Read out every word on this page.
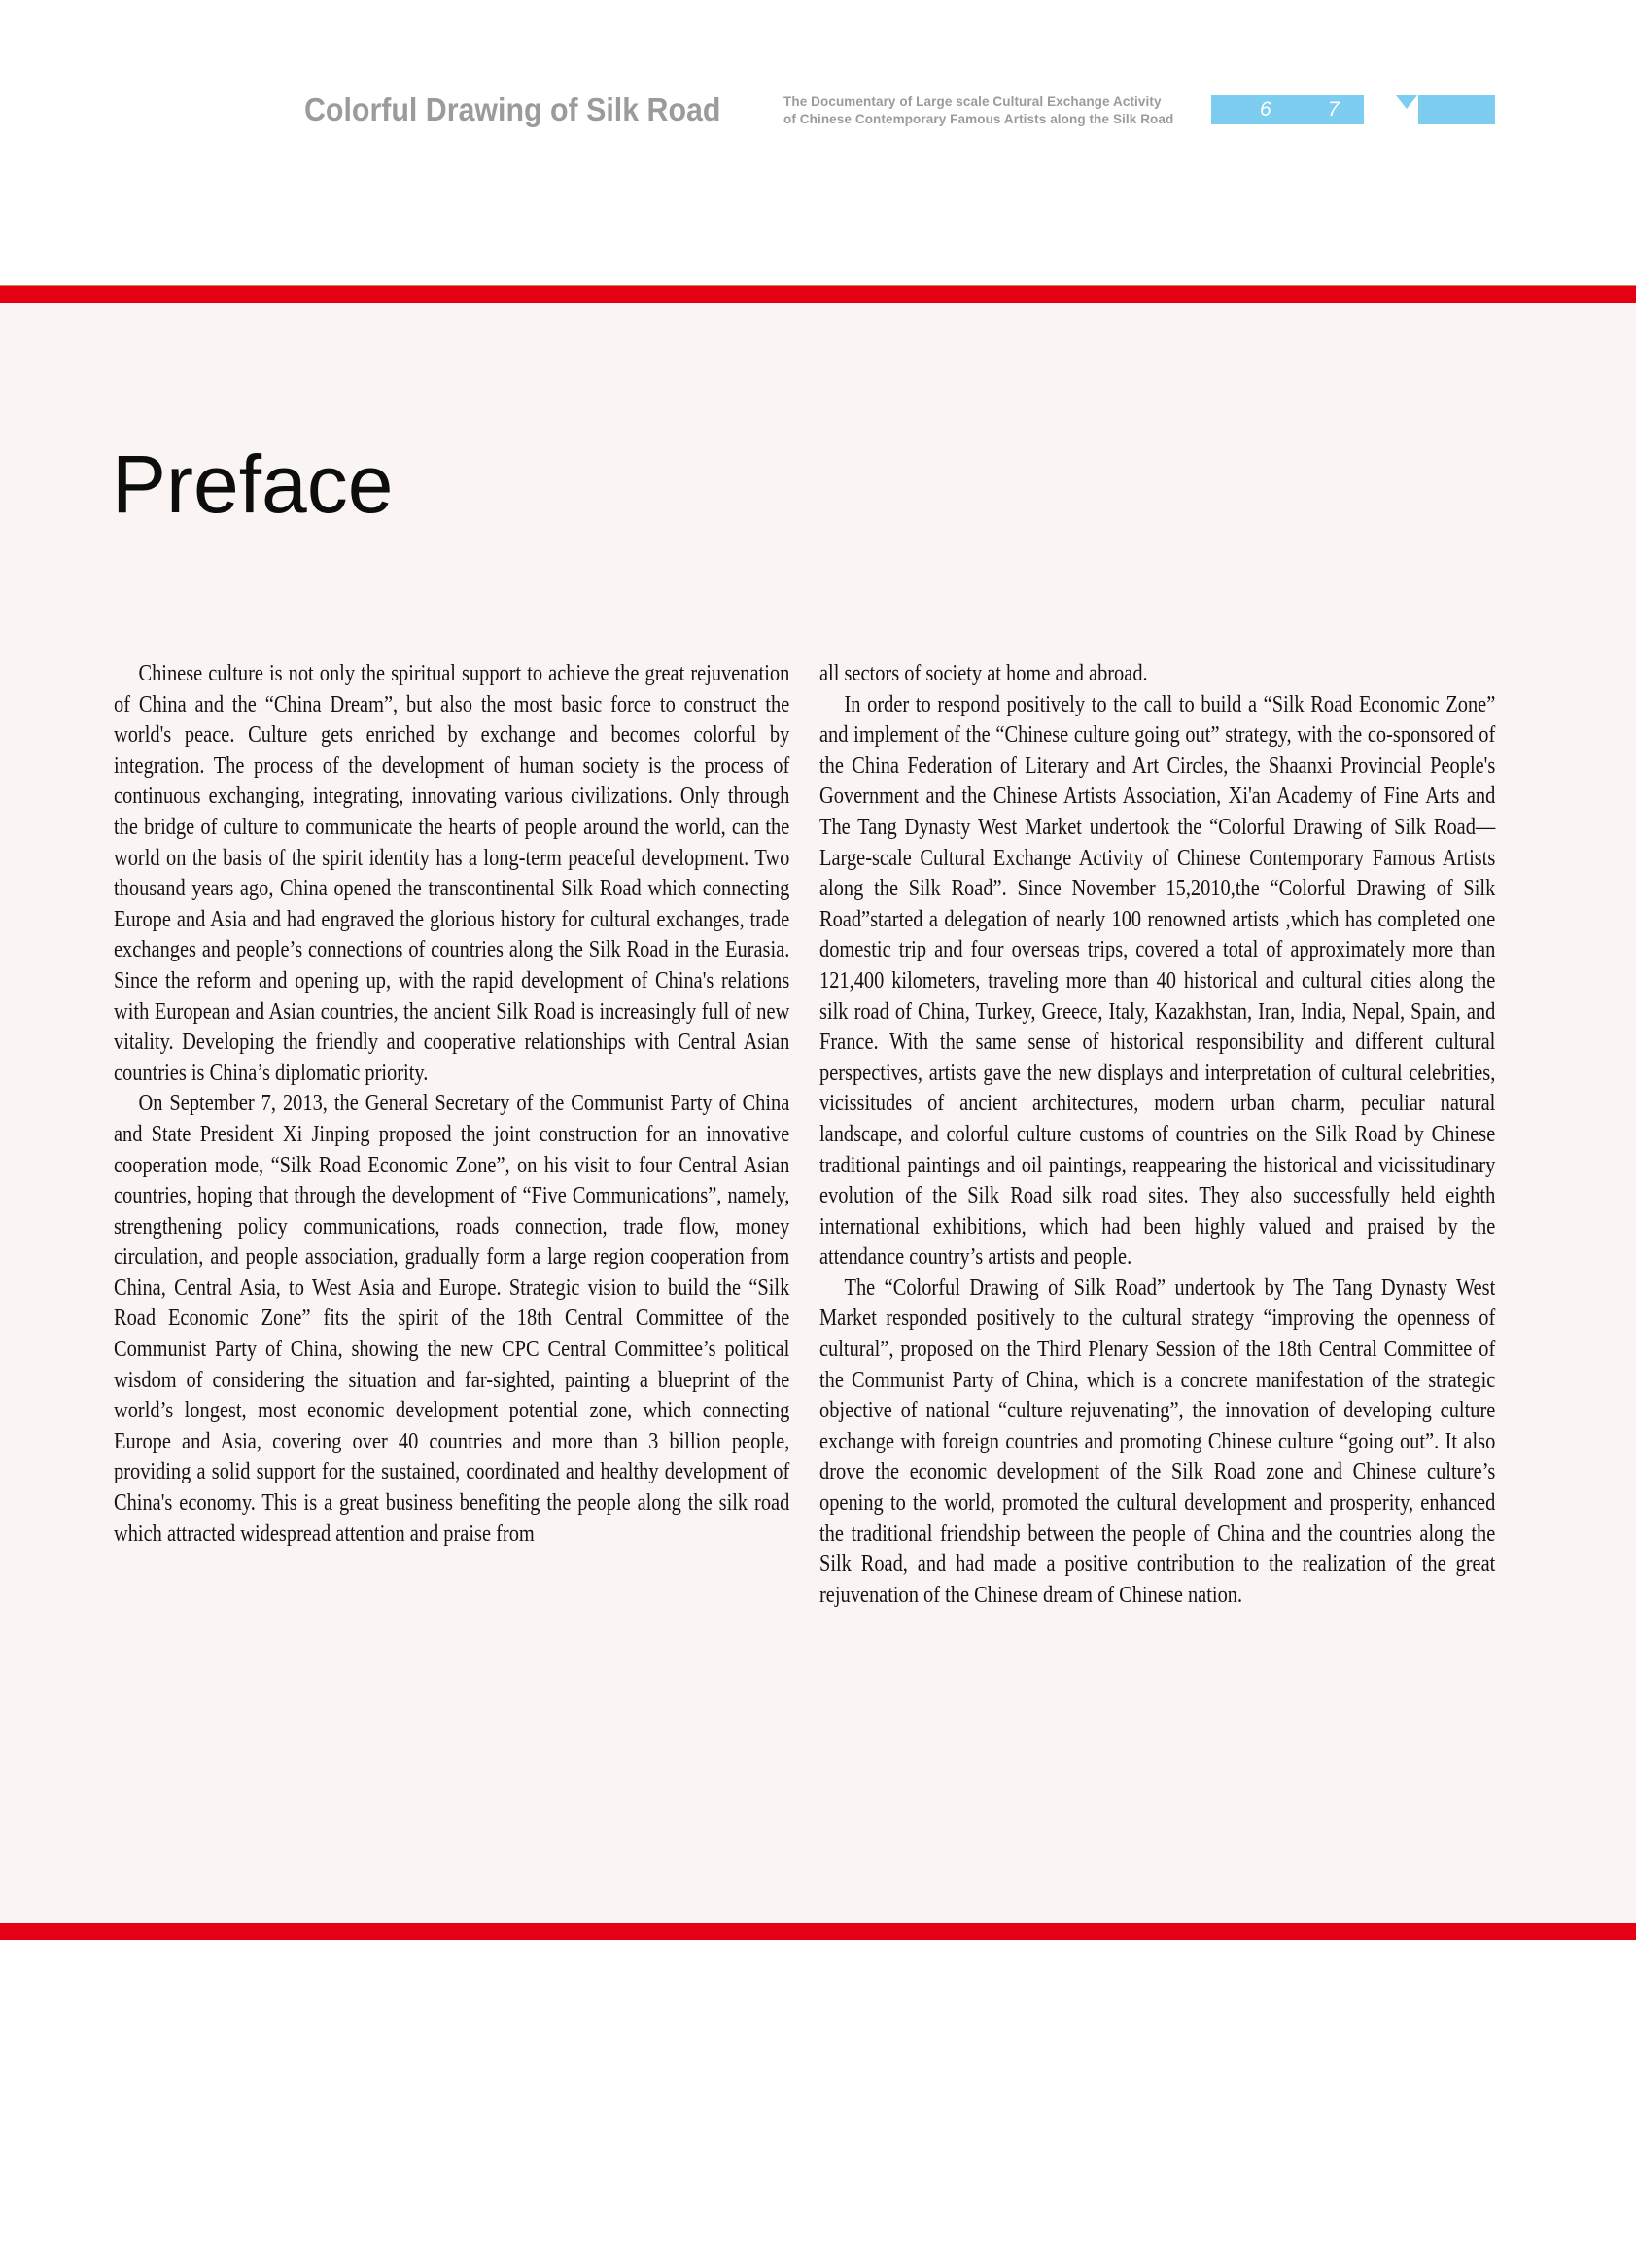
Colorful Drawing of Silk Road	The Documentary of Large scale Cultural Exchange Activity
of Chinese Contemporary Famous Artists along the Silk Road	6	7
Preface

Chinese culture is not only the spiritual support to achieve the great rejuvenation of China and the “China Dream”, but also the most basic force to construct the world's peace. Culture gets enriched by exchange and becomes colorful by integration. The process of the development of human society is the process of continuous exchanging, integrating, innovating various civilizations. Only through the bridge of culture to communicate the hearts of people around the world, can the world on the basis of the spirit identity has a long-term peaceful development. Two thousand years ago, China opened the transcontinental Silk Road which connecting Europe and Asia and had engraved the glorious history for cultural exchanges, trade exchanges and people’s connections of countries along the Silk Road in the Eurasia. Since the reform and opening up, with the rapid development of China's relations with European and Asian countries, the ancient Silk Road is increasingly full of new vitality. Developing the friendly and cooperative relationships with Central Asian countries is China’s diplomatic priority.

On September 7, 2013, the General Secretary of the Communist Party of China and State President Xi Jinping proposed the joint construction for an innovative cooperation mode, “Silk Road Economic Zone”, on his visit to four Central Asian countries, hoping that through the development of “Five Communications”, namely, strengthening policy communications, roads connection, trade flow, money circulation, and people association, gradually form a large region cooperation from China, Central Asia, to West Asia and Europe. Strategic vision to build the “Silk Road Economic Zone” fits the spirit of the 18th Central Committee of the Communist Party of China, showing the new CPC Central Committee’s political wisdom of considering the situation and far-sighted, painting a blueprint of the world’s longest, most economic development potential zone, which connecting Europe and Asia, covering over 40 countries and more than 3 billion people, providing a solid support for the sustained, coordinated and healthy development of China's economy. This is a great business benefiting the people along the silk road which attracted widespread attention and praise from

all sectors of society at home and abroad.

In order to respond positively to the call to build a “Silk Road Economic Zone” and implement of the “Chinese culture going out” strategy, with the co-sponsored of the China Federation of Literary and Art Circles, the Shaanxi Provincial People's Government and the Chinese Artists Association, Xi'an Academy of Fine Arts and The Tang Dynasty West Market undertook the “Colorful Drawing of Silk Road—Large-scale Cultural Exchange Activity of Chinese Contemporary Famous Artists along the Silk Road”. Since November 15,2010,the “Colorful Drawing of Silk Road”started a delegation of nearly 100 renowned artists ,which has completed one domestic trip and four overseas trips, covered a total of approximately more than 121,400 kilometers, traveling more than 40 historical and cultural cities along the silk road of China, Turkey, Greece, Italy, Kazakhstan, Iran, India, Nepal, Spain, and France. With the same sense of historical responsibility and different cultural perspectives, artists gave the new displays and interpretation of cultural celebrities, vicissitudes of ancient architectures, modern urban charm, peculiar natural landscape, and colorful culture customs of countries on the Silk Road by Chinese traditional paintings and oil paintings, reappearing the historical and vicissitudinary evolution of the Silk Road silk road sites. They also successfully held eighth international exhibitions, which had been highly valued and praised by the attendance country’s artists and people.

The “Colorful Drawing of Silk Road” undertook by The Tang Dynasty West Market responded positively to the cultural strategy “improving the openness of cultural”, proposed on the Third Plenary Session of the 18th Central Committee of the Communist Party of China, which is a concrete manifestation of the strategic objective of national “culture rejuvenating”, the innovation of developing culture exchange with foreign countries and promoting Chinese culture “going out”. It also drove the economic development of the Silk Road zone and Chinese culture’s opening to the world, promoted the cultural development and prosperity, enhanced the traditional friendship between the people of China and the countries along the Silk Road, and had made a positive contribution to the realization of the great rejuvenation of the Chinese dream of Chinese nation.
